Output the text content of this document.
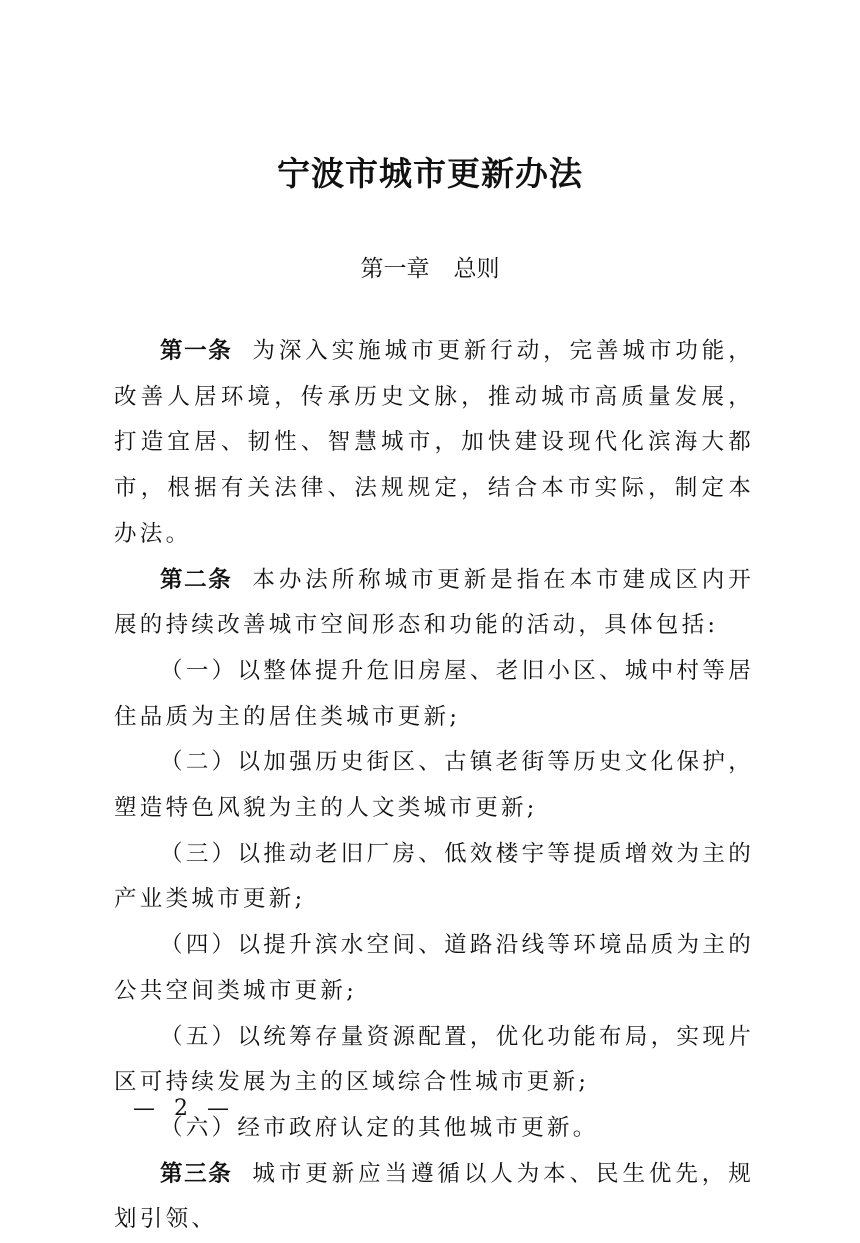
宁波市城市更新办法
第一章 总则

第一条 为深入实施城市更新行动，完善城市功能，改善人居环境，传承历史文脉，推动城市高质量发展，打造宜居、韧性、智慧城市，加快建设现代化滨海大都市，根据有关法律、法规规定，结合本市实际，制定本办法。

第二条 本办法所称城市更新是指在本市建成区内开展的持续改善城市空间形态和功能的活动，具体包括:

（一）以整体提升危旧房屋、老旧小区、城中村等居住品质为主的居住类城市更新;

（二）以加强历史街区、古镇老街等历史文化保护，塑造特色风貌为主的人文类城市更新;

（三）以推动老旧厂房、低效楼宇等提质增效为主的产业类城市更新;

（四）以提升滨水空间、道路沿线等环境品质为主的公共空间类城市更新;

（五）以统筹存量资源配置，优化功能布局，实现片区可持续发展为主的区域综合性城市更新;

（六）经市政府认定的其他城市更新。

第三条 城市更新应当遵循以人为本、民生优先，规划引领、

— 2 —
